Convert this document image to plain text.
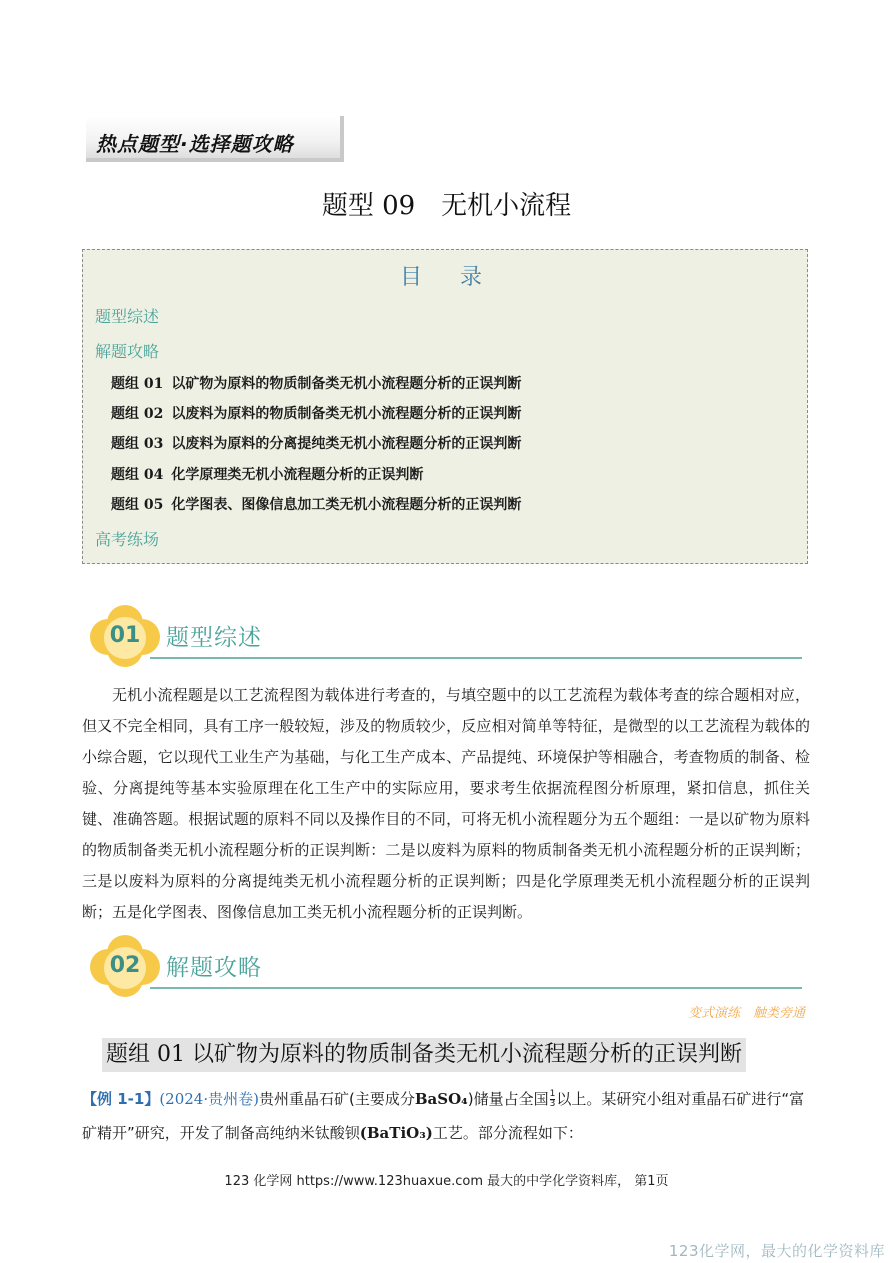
热点题型·选择题攻略
题型 09　无机小流程
目　录
题型综述
解题攻略
题组 01 以矿物为原料的物质制备类无机小流程题分析的正误判断
题组 02 以废料为原料的物质制备类无机小流程题分析的正误判断
题组 03 以废料为原料的分离提纯类无机小流程题分析的正误判断
题组 04 化学原理类无机小流程题分析的正误判断
题组 05 化学图表、图像信息加工类无机小流程题分析的正误判断
高考练场
01	题型综述

无机小流程题是以工艺流程图为载体进行考查的，与填空题中的以工艺流程为载体考查的综合题相对应，但又不完全相同，具有工序一般较短，涉及的物质较少，反应相对简单等特征，是微型的以工艺流程为载体的小综合题，它以现代工业生产为基础，与化工生产成本、产品提纯、环境保护等相融合，考查物质的制备、检验、分离提纯等基本实验原理在化工生产中的实际应用，要求考生依据流程图分析原理，紧扣信息，抓住关键、准确答题。根据试题的原料不同以及操作目的不同，可将无机小流程题分为五个题组：一是以矿物为原料的物质制备类无机小流程题分析的正误判断：二是以废料为原料的物质制备类无机小流程题分析的正误判断；三是以废料为原料的分离提纯类无机小流程题分析的正误判断；四是化学原理类无机小流程题分析的正误判断；五是化学图表、图像信息加工类无机小流程题分析的正误判断。

02	解题攻略
变式演练　触类旁通
题组 01 以矿物为原料的物质制备类无机小流程题分析的正误判断
【例 1-1】(2024·贵州卷)贵州重晶石矿(主要成分BaSO₄)储量占全国 $\frac{1}{3}$ 以上。某研究小组对重晶石矿进行“富矿精开”研究，开发了制备高纯纳米钛酸钡(BaTiO₃)工艺。部分流程如下：
123 化学网 https://www.123huaxue.com 最大的中学化学资料库， 第1页
123化学网，最大的化学资料库
